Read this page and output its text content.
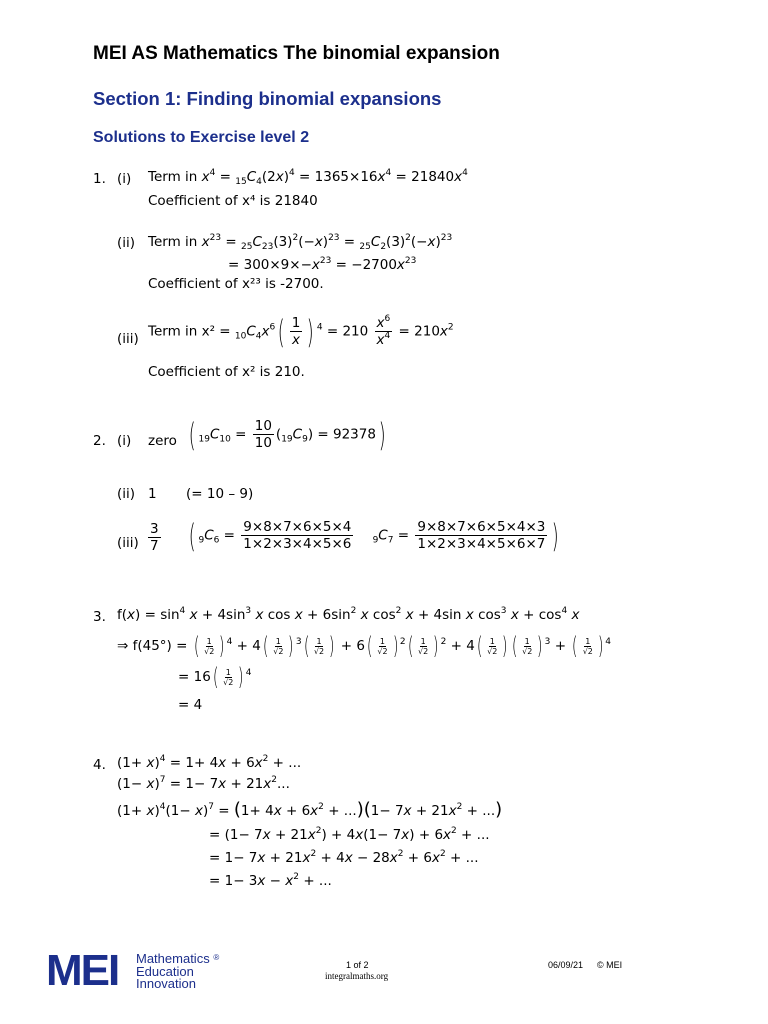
MEI AS Mathematics The binomial expansion
Section 1: Finding binomial expansions
Solutions to Exercise level 2
1. (i) Term in $x^4 = _{15}C_4(2x)^4 = 1365\times 16x^4 = 21840x^4$
Coefficient of x⁴ is 21840
(ii) Term in $x^{23} = _{25}C_{23}(3)^2(-x)^{23} = _{25}C_2(3)^2(-x)^{23}$
= $300\times 9\times-x^{23} = -2700x^{23}$
Coefficient of x²³ is -2700.
(iii) Term in $x^2 = _{10}C_4x^6( \frac{1}{x}$ ) $^4 = 210 \frac{x^6}{x^4} = 210x^2$
Coefficient of x² is 210.
2. (i) zero ( $_{19}C_{10} = \frac{10}{10} (_{19}C_9) = 92378$)
(ii) 1 (= 10 – 9)
$(iii) \frac{3}{7}$ ( $_9C_6 = \frac{9\times 8\times 7\times 6\times 5\times 4}{1\times 2\times 3\times 4\times 5\times 6} _9C_7 = \frac{9\times 8\times 7\times 6\times 5\times 4\times 3}{1\times 2\times 3\times 4\times 5\times 6\times 7}$ )
3. $f(x) = \sin^4 x + 4\sin^3$ x $\cos x + 6\sin^2$ x $\cos^2 x + 4\sin$ x $\cos^3 x + \cos^4 x$
⇒ f(45°) = ( $\frac{1}{√2}$ ) $^4 + 4( \frac{1}{√2}$ ) $^3( \frac{1}{√2}$ ) + $6( \frac{1}{√2}$ ) $^2( \frac{1}{√2}$ ) $^2 + 4( \frac{1}{√2}$ ) ( $\frac{1}{√2}$ ) $^3$ + ( $\frac{1}{√2}$ ) $^4$
= $16( \frac{1}{√2}$ ) $^4$
= 4
4. $(1+ x)^4 = 1+ 4x + 6x^2$ + ...
$(1- x)^7 = 1- 7x + 21x^2$...
$(1+ x)^4(1- x)^7 = (1+ 4x + 6x^2 + ...)(1- 7x + 21x^2$ + ...)
= $(1- 7x + 21x^2) + 4x(1- 7x) + 6x^2$ + ...
= $1- 7x + 21x^2 + 4x - 28x^2 + 6x^2$ + ...
= $1- 3x - x^2$ + ...
MEI Mathematics ®
Education
Innovation
1 of 2
integralmaths.org
06/09/21 © MEI
